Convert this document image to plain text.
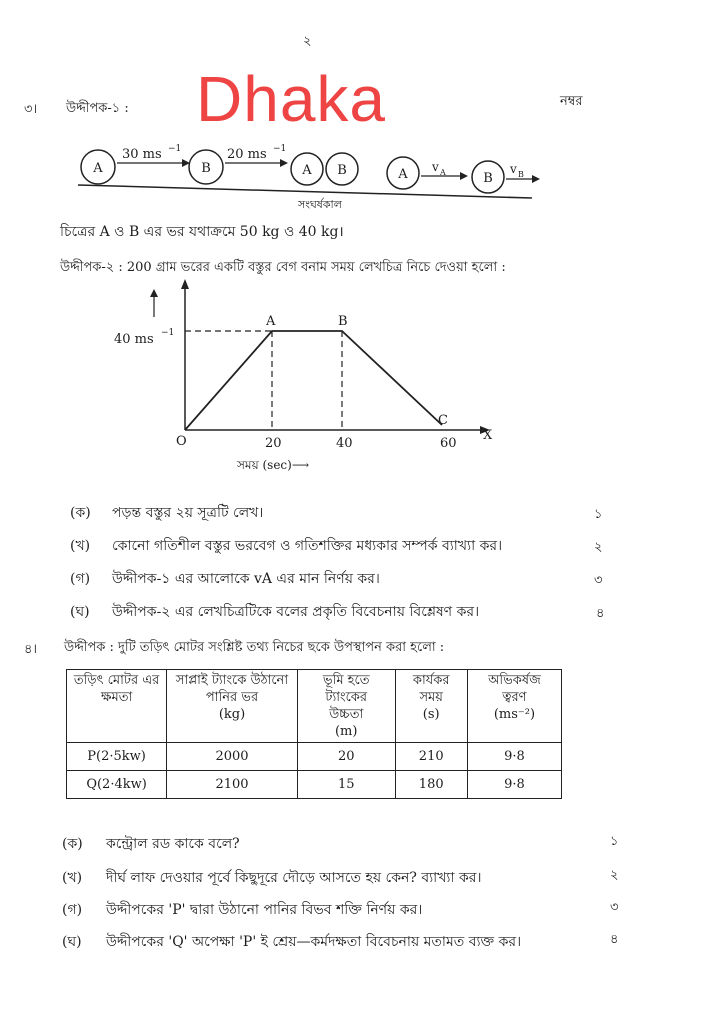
২
Dhaka	নম্বর
৩। উদ্দীপক-১ :
A
30 ms −1
B
20 ms −1
A B
সংঘর্ষকাল
A v A	B
v B
চিত্রের A ও B এর ভর যথাক্রমে 50 kg ও 40 kg।
উদ্দীপক-২ : 200 গ্রাম ভরের একটি বস্তুর বেগ বনাম সময় লেখচিত্র নিচে দেওয়া হলো :
40 ms −1
A	B
C
O	X
20	40	60
সময় (sec)⟶
(ক) পড়ন্ত বস্তুর ২য় সূত্রটি লেখ।	১
(খ) কোনো গতিশীল বস্তুর ভরবেগ ও গতিশক্তির মধ্যকার সম্পর্ক ব্যাখ্যা কর।	২
(গ) উদ্দীপক-১ এর আলোকে vA এর মান নির্ণয় কর।	৩
(ঘ) উদ্দীপক-২ এর লেখচিত্রটিকে বলের প্রকৃতি বিবেচনায় বিশ্লেষণ কর।	৪
৪। উদ্দীপক : দুটি তড়িৎ মোটর সংশ্লিষ্ট তথ্য নিচের ছকে উপস্থাপন করা হলো :
তড়িৎ মোটর এর
ক্ষমতা	সাপ্লাই ট্যাংকে উঠানো
পানির ভর
(kg)	ভূমি হতে ট্যাংকের
উচ্চতা
(m)	কার্যকর
সময়
(s)	অভিকর্ষজ
ত্বরণ
(ms⁻²)
P(2·5kw)	2000	20	210	9·8
Q(2·4kw)	2100	15	180	9·8
(ক) কন্ট্রোল রড কাকে বলে?	১
(খ) দীর্ঘ লাফ দেওয়ার পূর্বে কিছুদূরে দৌড়ে আসতে হয় কেন? ব্যাখ্যা কর।	২
(গ) উদ্দীপকের 'P' দ্বারা উঠানো পানির বিভব শক্তি নির্ণয় কর।	৩
(ঘ) উদ্দীপকের 'Q' অপেক্ষা 'P' ই শ্রেয়—কর্মদক্ষতা বিবেচনায় মতামত ব্যক্ত কর।	৪
